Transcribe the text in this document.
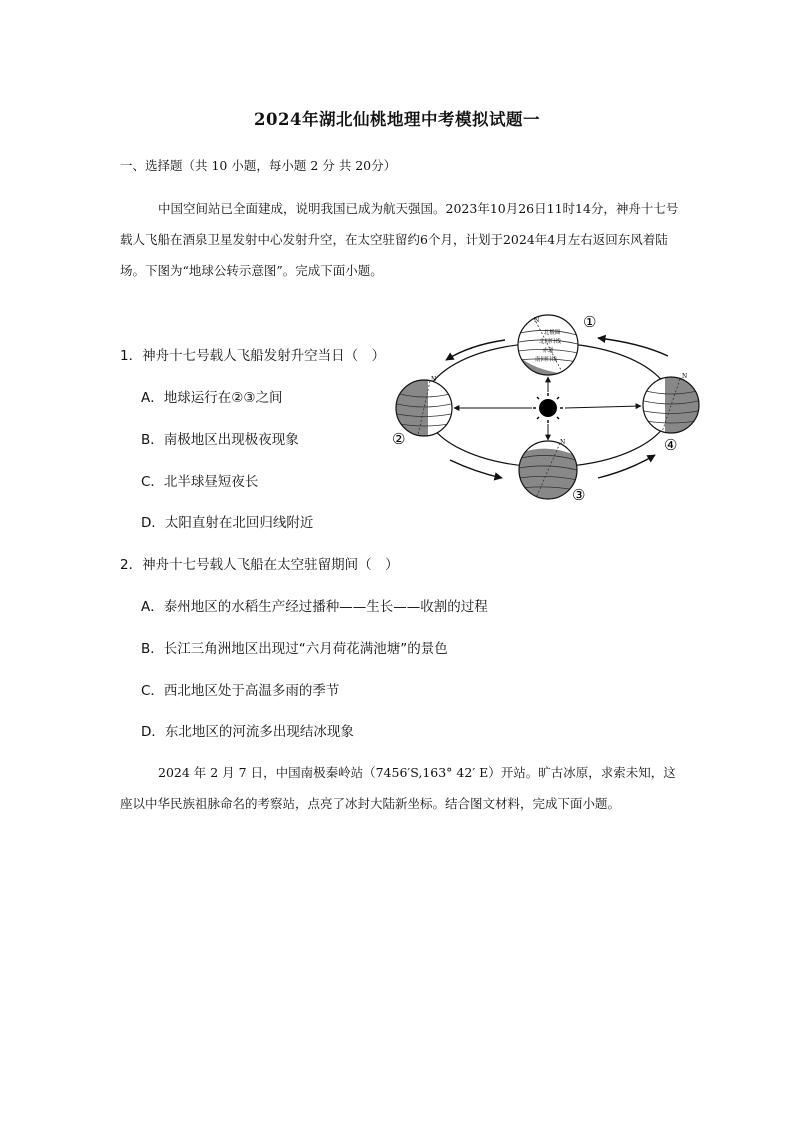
2024年湖北仙桃地理中考模拟试题一
一、选择题（共 10 小题，每小题 2 分 共 20分）

中国空间站已全面建成，说明我国已成为航天强国。2023年10月26日11时14分，神舟十七号载人飞船在酒泉卫星发射中心发射升空，在太空驻留约6个月，计划于2024年4月左右返回东风着陆场。下图为“地球公转示意图”。完成下面小题。

1．神舟十七号载人飞船发射升空当日（　）
A．地球运行在②③之间
B．南极地区出现极夜现象
C．北半球昼短夜长
D．太阳直射在北回归线附近
2．神舟十七号载人飞船在太空驻留期间（　）
A．泰州地区的水稻生产经过播种——生长——收割的过程
B．长江三角洲地区出现过“六月荷花满池塘”的景色
C．西北地区处于高温多雨的季节
D．东北地区的河流多出现结冰现象

2024 年 2 月 7 日，中国南极秦岭站（7456′S,163° 42′ E）开站。旷古冰原，求索未知，这座以中华民族祖脉命名的考察站，点亮了冰封大陆新坐标。结合图文材料，完成下面小题。

北极圈
北回归线
赤道
南回归线
N	①
N
②	N
③
N
④
